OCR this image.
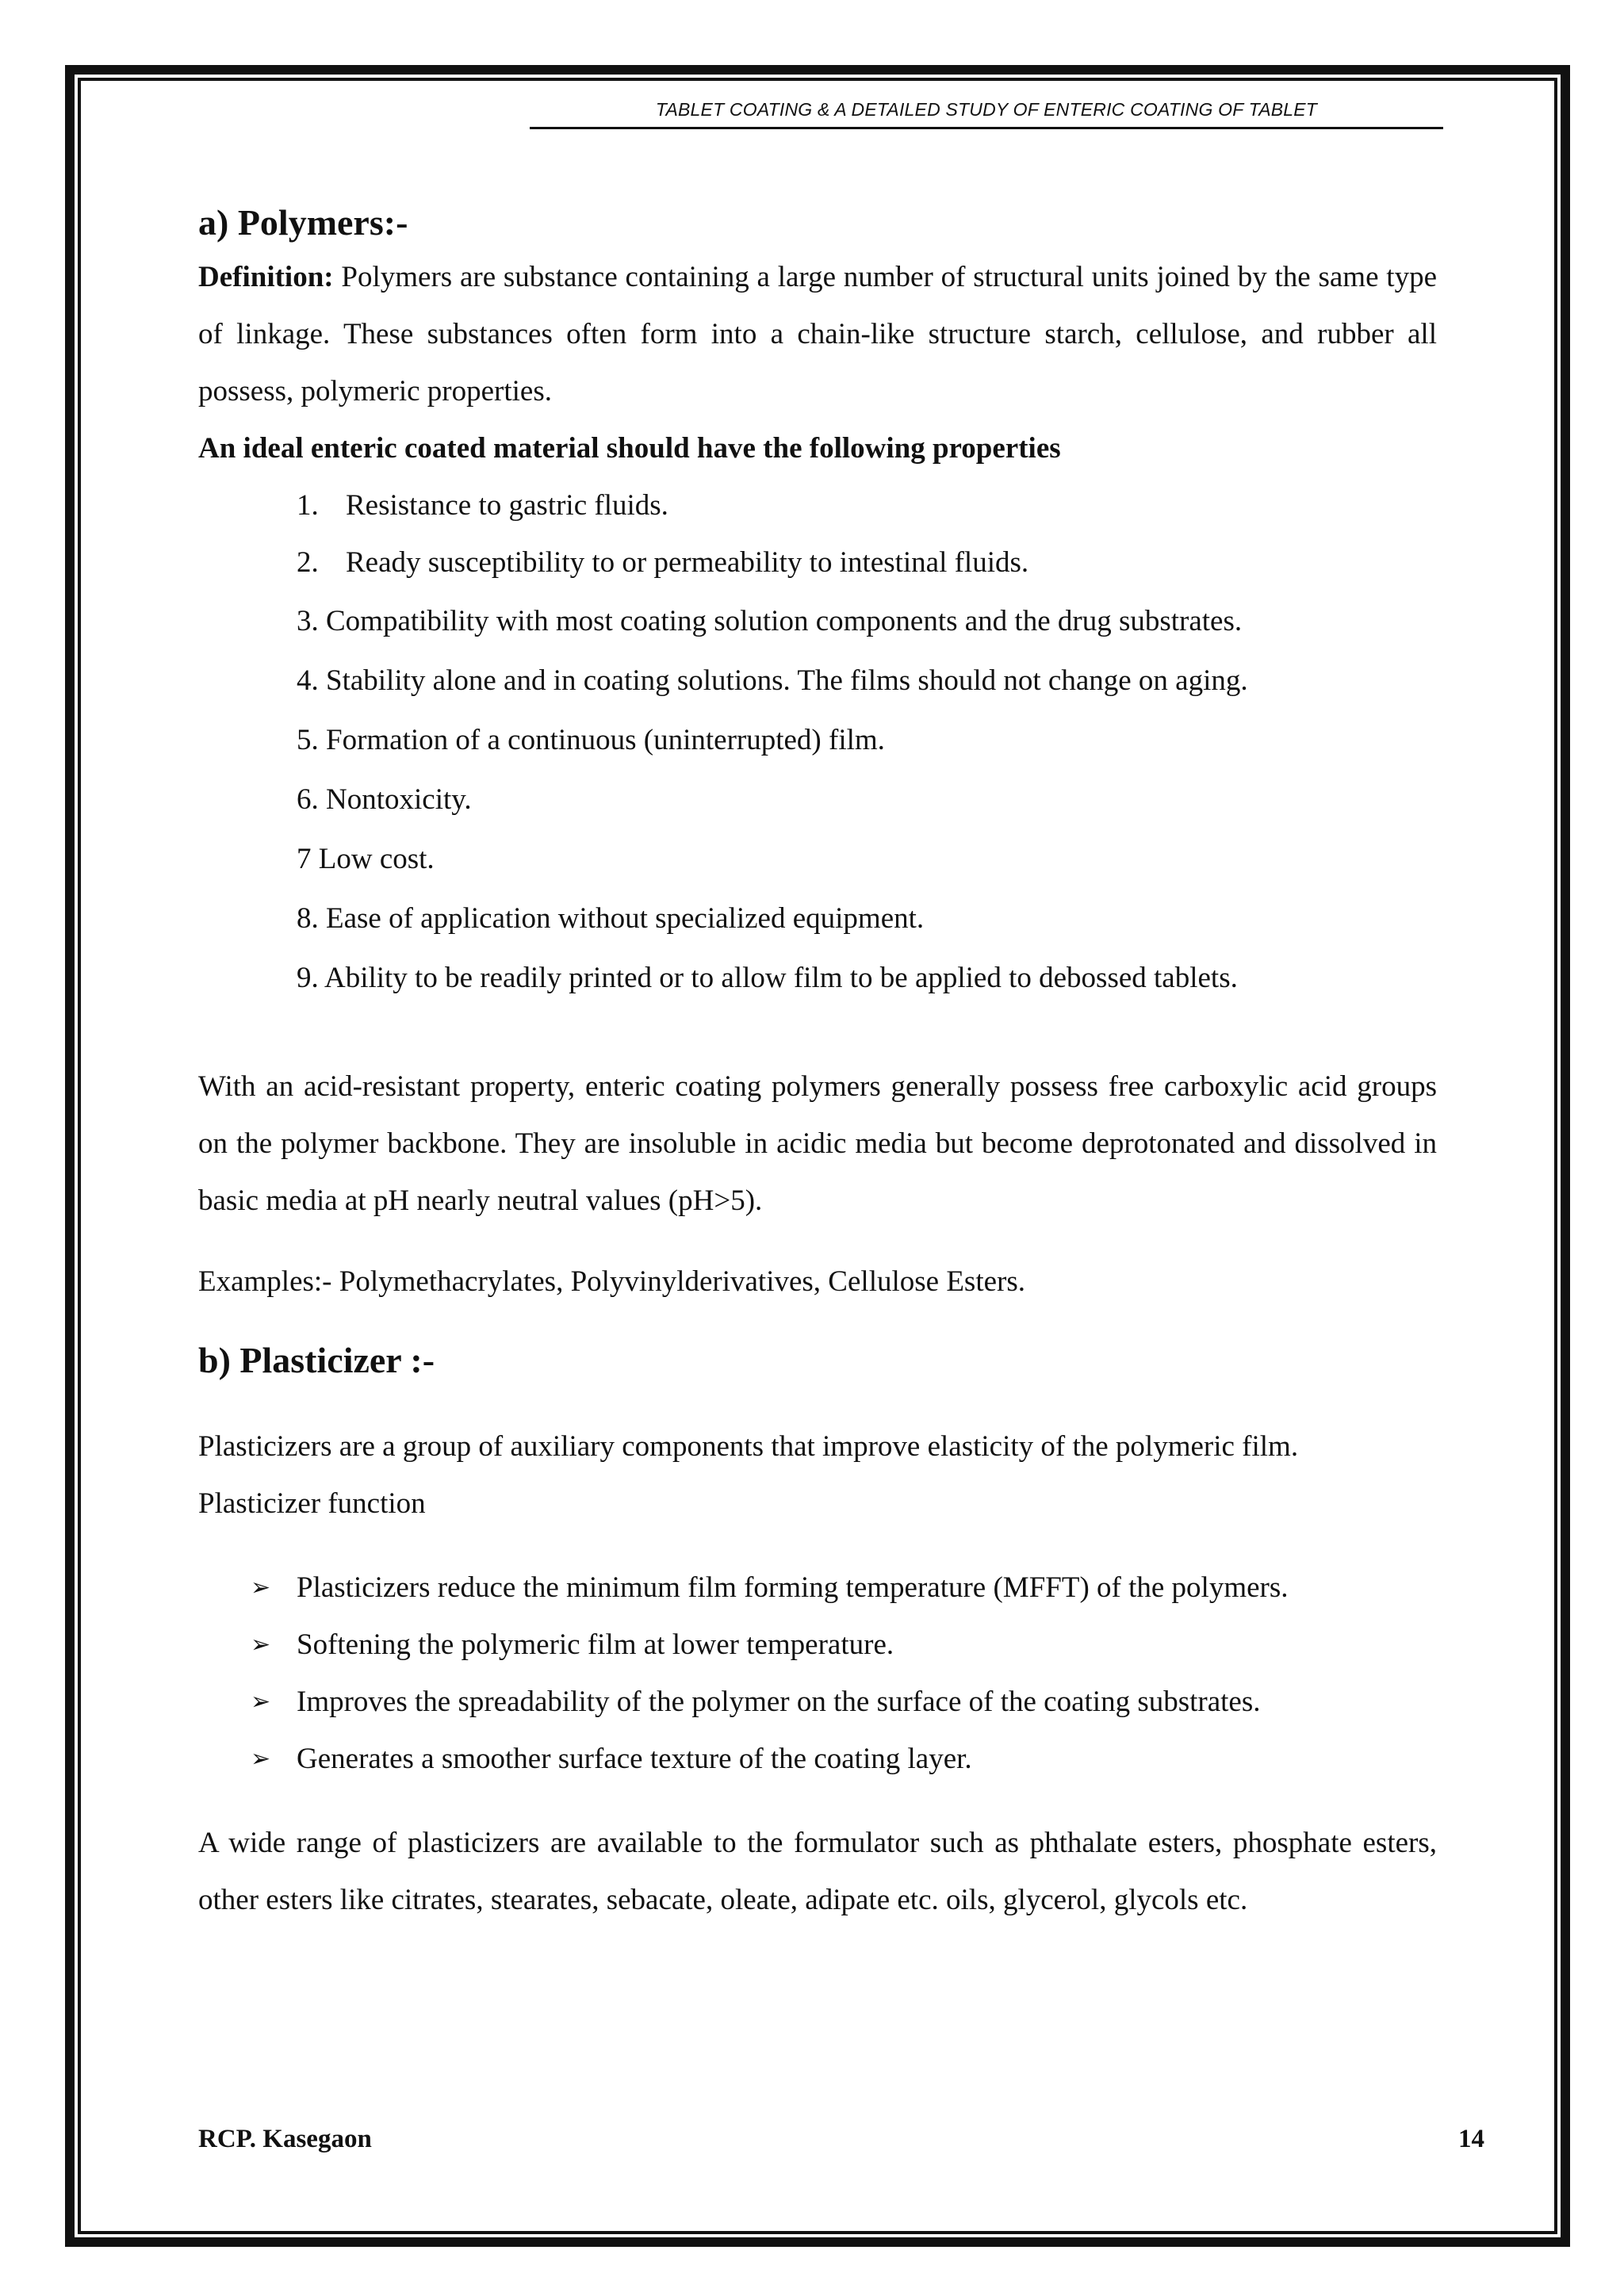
TABLET COATING & A DETAILED STUDY OF ENTERIC COATING OF TABLET
a) Polymers:-

Definition: Polymers are substance containing a large number of structural units joined by the same type of linkage. These substances often form into a chain-like structure starch, cellulose, and rubber all possess, polymeric properties.

An ideal enteric coated material should have the following properties

1. Resistance to gastric fluids.
2. Ready susceptibility to or permeability to intestinal fluids.
3. Compatibility with most coating solution components and the drug substrates.
4. Stability alone and in coating solutions. The films should not change on aging.
5. Formation of a continuous (uninterrupted) film.
6. Nontoxicity.
7 Low cost.
8. Ease of application without specialized equipment.
9. Ability to be readily printed or to allow film to be applied to debossed tablets.

With an acid-resistant property, enteric coating polymers generally possess free carboxylic acid groups on the polymer backbone. They are insoluble in acidic media but become deprotonated and dissolved in basic media at pH nearly neutral values (pH>5).

Examples:- Polymethacrylates, Polyvinylderivatives, Cellulose Esters.

b) Plasticizer :-

Plasticizers are a group of auxiliary components that improve elasticity of the polymeric film.

Plasticizer function

➢ Plasticizers reduce the minimum film forming temperature (MFFT) of the polymers.
➢ Softening the polymeric film at lower temperature.
➢ Improves the spreadability of the polymer on the surface of the coating substrates.
➢ Generates a smoother surface texture of the coating layer.

A wide range of plasticizers are available to the formulator such as phthalate esters, phosphate esters, other esters like citrates, stearates, sebacate, oleate, adipate etc. oils, glycerol, glycols etc.

RCP. Kasegaon	14
